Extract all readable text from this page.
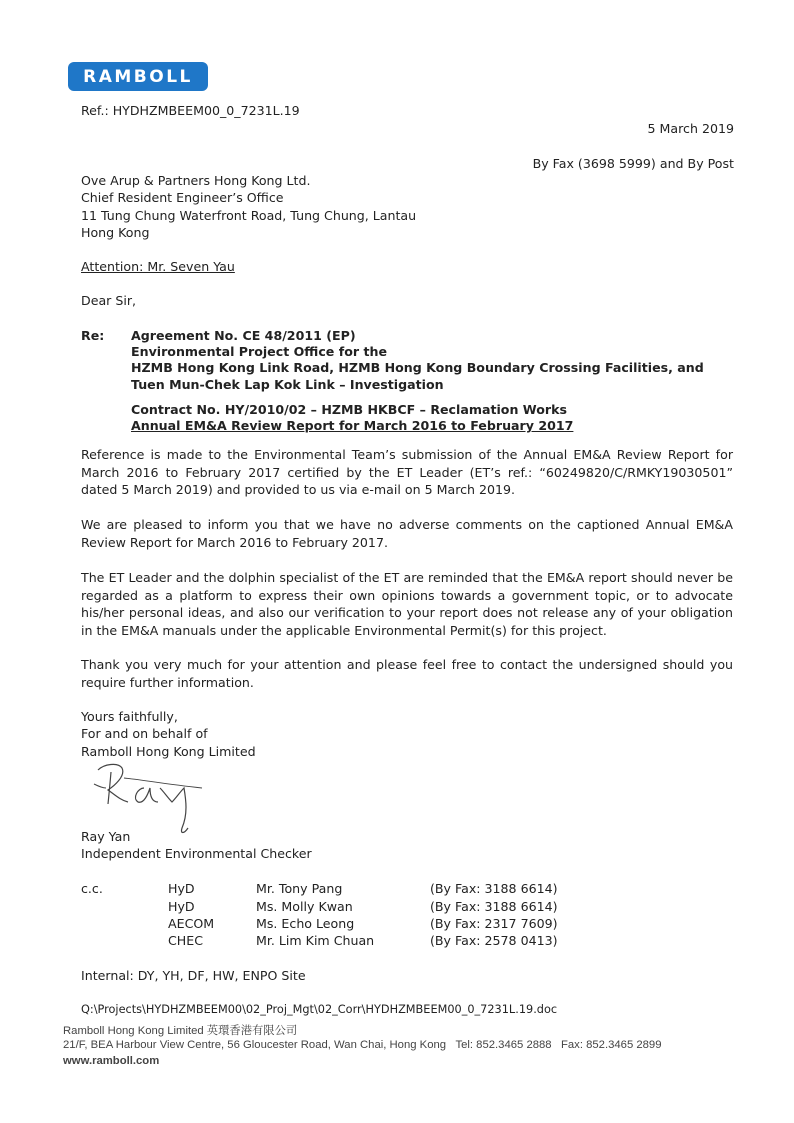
RAMBOLL
Ref.: HYDHZMBEEM00_0_7231L.19
5 March 2019
By Fax (3698 5999) and By Post
Ove Arup & Partners Hong Kong Ltd.
Chief Resident Engineer’s Office
11 Tung Chung Waterfront Road, Tung Chung, Lantau
Hong Kong
Attention: Mr. Seven Yau
Dear Sir,
Re: Agreement No. CE 48/2011 (EP)
Environmental Project Office for the
HZMB Hong Kong Link Road, HZMB Hong Kong Boundary Crossing Facilities, and
Tuen Mun-Chek Lap Kok Link – Investigation
Contract No. HY/2010/02 – HZMB HKBCF – Reclamation Works
Annual EM&A Review Report for March 2016 to February 2017

Reference is made to the Environmental Team’s submission of the Annual EM&A Review Report for March 2016 to February 2017 certified by the ET Leader (ET’s ref.: “60249820/C/RMKY19030501” dated 5 March 2019) and provided to us via e-mail on 5 March 2019.

We are pleased to inform you that we have no adverse comments on the captioned Annual EM&A Review Report for March 2016 to February 2017.

The ET Leader and the dolphin specialist of the ET are reminded that the EM&A report should never be regarded as a platform to express their own opinions towards a government topic, or to advocate his/her personal ideas, and also our verification to your report does not release any of your obligation in the EM&A manuals under the applicable Environmental Permit(s) for this project.

Thank you very much for your attention and please feel free to contact the undersigned should you require further information.

Yours faithfully,
For and on behalf of
Ramboll Hong Kong Limited
Ray Yan
Independent Environmental Checker
c.c.	HyD	Mr. Tony Pang	(By Fax: 3188 6614)
HyD	Ms. Molly Kwan	(By Fax: 3188 6614)
AECOM	Ms. Echo Leong	(By Fax: 2317 7609)
CHEC	Mr. Lim Kim Chuan	(By Fax: 2578 0413)
Internal: DY, YH, DF, HW, ENPO Site
Q:\Projects\HYDHZMBEEM00\02_Proj_Mgt\02_Corr\HYDHZMBEEM00_0_7231L.19.doc
Ramboll Hong Kong Limited 英環香港有限公司
21/F, BEA Harbour View Centre, 56 Gloucester Road, Wan Chai, Hong Kong Tel: 852.3465 2888 Fax: 852.3465 2899
www.ramboll.com
